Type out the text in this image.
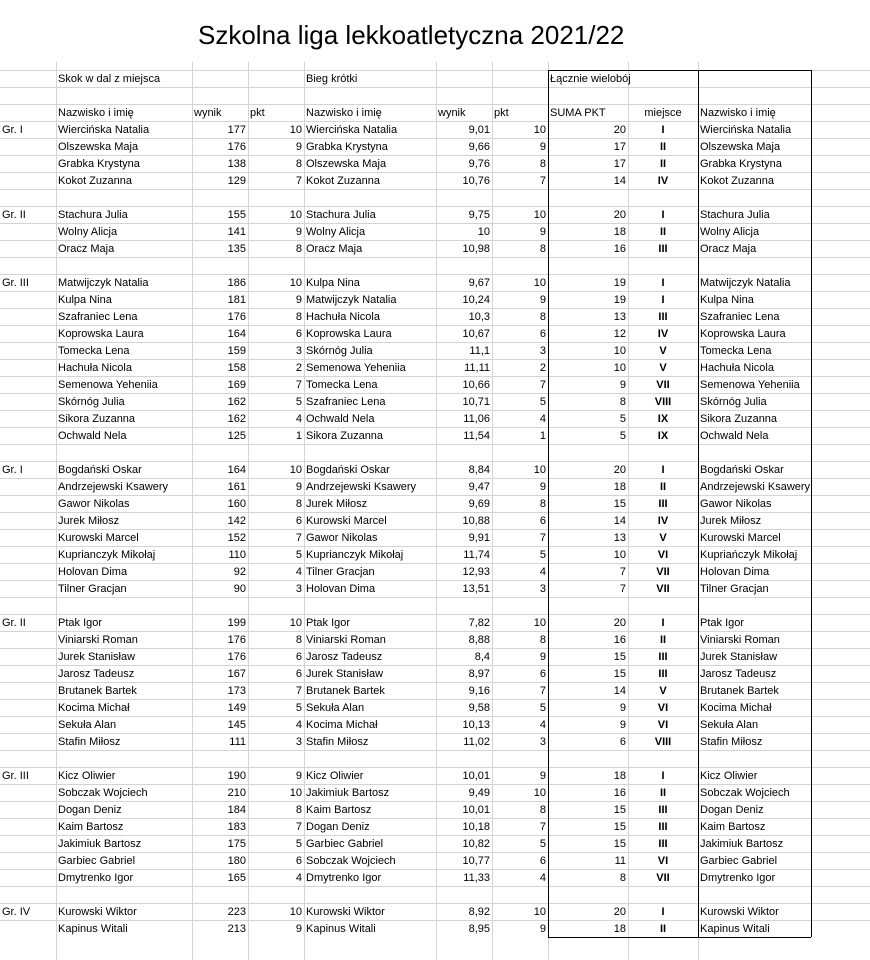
Szkolna liga lekkoatletyczna 2021/22
Skok w dal z miejsca	Bieg krótki	Łącznie wielobój
Nazwisko i imię	wynik	pkt	Nazwisko i imię	wynik	pkt	SUMA PKT	miejsce	Nazwisko i imię
Gr. I	Wiercińska Natalia	177	10 Wiercińska Natalia	9,01	10	20	I	Wiercińska Natalia
Olszewska Maja	176	9 Grabka Krystyna	9,66	9	17	II	Olszewska Maja
Grabka Krystyna	138	8 Olszewska Maja	9,76	8	17	II	Grabka Krystyna
Kokot Zuzanna	129	7 Kokot Zuzanna	10,76	7	14	IV	Kokot Zuzanna
Gr. II	Stachura Julia	155	10 Stachura Julia	9,75	10	20	I	Stachura Julia
Wolny Alicja	141	9 Wolny Alicja	10	9	18	II	Wolny Alicja
Oracz Maja	135	8 Oracz Maja	10,98	8	16	III	Oracz Maja
Gr. III	Matwijczyk Natalia	186	10 Kulpa Nina	9,67	10	19	I	Matwijczyk Natalia
Kulpa Nina	181	9 Matwijczyk Natalia	10,24	9	19	I	Kulpa Nina
Szafraniec Lena	176	8 Hachuła Nicola	10,3	8	13	III	Szafraniec Lena
Koprowska Laura	164	6 Koprowska Laura	10,67	6	12	IV	Koprowska Laura
Tomecka Lena	159	3 Skórnóg Julia	11,1	3	10	V	Tomecka Lena
Hachuła Nicola	158	2 Semenowa Yeheniia	11,11	2	10	V	Hachuła Nicola
Semenowa Yeheniia	169	7 Tomecka Lena	10,66	7	9	VII	Semenowa Yeheniia
Skórnóg Julia	162	5 Szafraniec Lena	10,71	5	8	VIII	Skórnóg Julia
Sikora Zuzanna	162	4 Ochwald Nela	11,06	4	5	IX	Sikora Zuzanna
Ochwald Nela	125	1 Sikora Zuzanna	11,54	1	5	IX	Ochwald Nela
Gr. I	Bogdański Oskar	164	10 Bogdański Oskar	8,84	10	20	I	Bogdański Oskar
Andrzejewski Ksawery	161	9 Andrzejewski Ksawery	9,47	9	18	II	Andrzejewski Ksawery
Gawor Nikolas	160	8 Jurek Miłosz	9,69	8	15	III	Gawor Nikolas
Jurek Miłosz	142	6 Kurowski Marcel	10,88	6	14	IV	Jurek Miłosz
Kurowski Marcel	152	7 Gawor Nikolas	9,91	7	13	V	Kurowski Marcel
Kuprianczyk Mikołaj	110	5 Kuprianczyk Mikołaj	11,74	5	10	VI	Kupriańczyk Mikołaj
Holovan Dima	92	4 Tilner Gracjan	12,93	4	7	VII	Holovan Dima
Tilner Gracjan	90	3 Holovan Dima	13,51	3	7	VII	Tilner Gracjan
Gr. II	Ptak Igor	199	10 Ptak Igor	7,82	10	20	I	Ptak Igor
Viniarski Roman	176	8 Viniarski Roman	8,88	8	16	II	Viniarski Roman
Jurek Stanisław	176	6 Jarosz Tadeusz	8,4	9	15	III	Jurek Stanisław
Jarosz Tadeusz	167	6 Jurek Stanisław	8,97	6	15	III	Jarosz Tadeusz
Brutanek Bartek	173	7 Brutanek Bartek	9,16	7	14	V	Brutanek Bartek
Kocima Michał	149	5 Sekuła Alan	9,58	5	9	VI	Kocima Michał
Sekuła Alan	145	4 Kocima Michał	10,13	4	9	VI	Sekuła Alan
Stafin Miłosz	111	3 Stafin Miłosz	11,02	3	6	VIII	Stafin Miłosz
Gr. III	Kicz Oliwier	190	9 Kicz Oliwier	10,01	9	18	I	Kicz Oliwier
Sobczak Wojciech	210	10 Jakimiuk Bartosz	9,49	10	16	II	Sobczak Wojciech
Dogan Deniz	184	8 Kaim Bartosz	10,01	8	15	III	Dogan Deniz
Kaim Bartosz	183	7 Dogan Deniz	10,18	7	15	III	Kaim Bartosz
Jakimiuk Bartosz	175	5 Garbiec Gabriel	10,82	5	15	III	Jakimiuk Bartosz
Garbiec Gabriel	180	6 Sobczak Wojciech	10,77	6	11	VI	Garbiec Gabriel
Dmytrenko Igor	165	4 Dmytrenko Igor	11,33	4	8	VII	Dmytrenko Igor
Gr. IV	Kurowski Wiktor	223	10 Kurowski Wiktor	8,92	10	20	I	Kurowski Wiktor
Kapinus Witali	213	9 Kapinus Witali	8,95	9	18	II	Kapinus Witali
